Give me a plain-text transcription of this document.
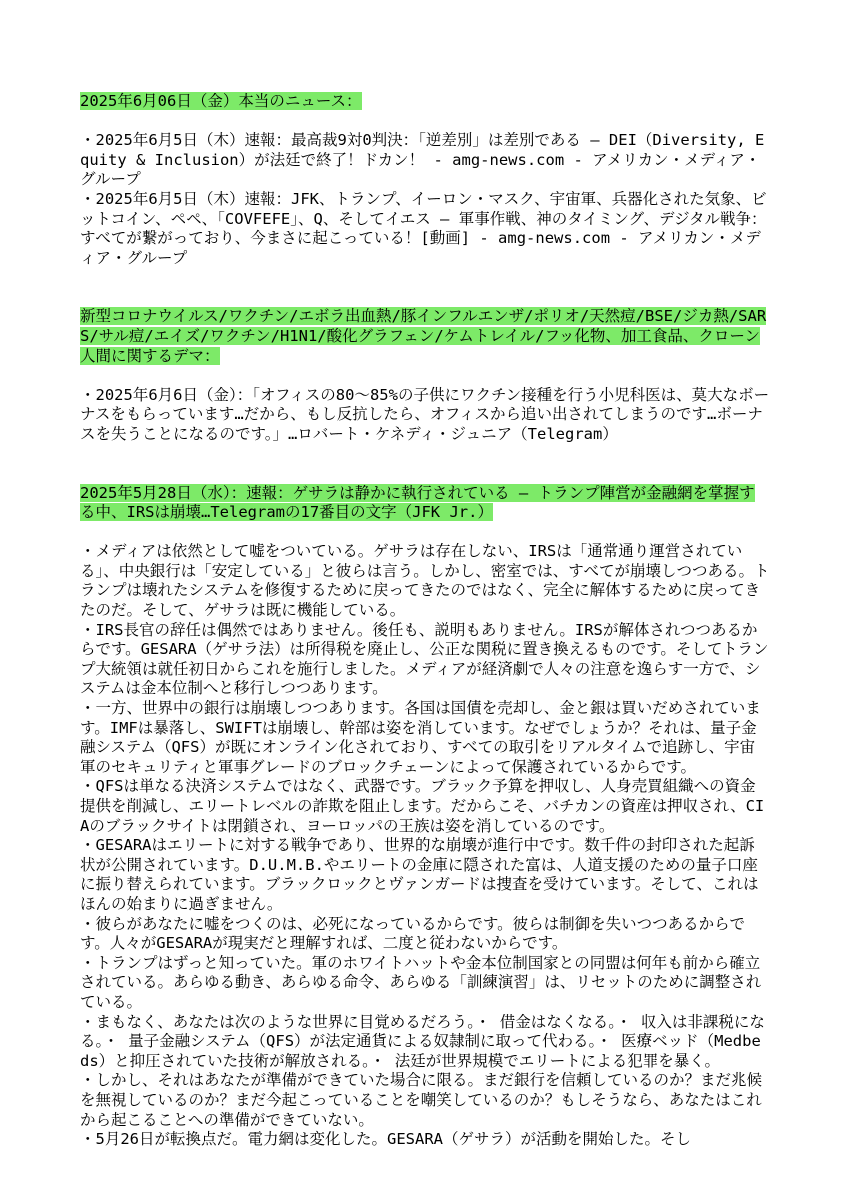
2025年6月06日（金）本当のニュース：

・2025年6月5日（木）速報：最高裁9対0判決：「逆差別」は差別である ― DEI（Diversity, Equity & Inclusion）が法廷で終了！ドカン！ - amg-news.com - アメリカン・メディア・グループ

・2025年6月5日（木）速報：JFK、トランプ、イーロン・マスク、宇宙軍、兵器化された気象、ビットコイン、ペペ、「COVFEFE」、Q、そしてイエス ― 軍事作戦、神のタイミング、デジタル戦争：すべてが繋がっており、今まさに起こっている！[動画] - amg-news.com - アメリカン・メディア・グループ

新型コロナウイルス/ワクチン/エボラ出血熱/豚インフルエンザ/ポリオ/天然痘/BSE/ジカ熱/SARS/サル痘/エイズ/ワクチン/H1N1/酸化グラフェン/ケムトレイル/フッ化物、加工食品、クローン人間に関するデマ：

・2025年6月6日（金）：「オフィスの80～85%の子供にワクチン接種を行う小児科医は、莫大なボーナスをもらっています…だから、もし反抗したら、オフィスから追い出されてしまうのです…ボーナスを失うことになるのです。」…ロバート・ケネディ・ジュニア（Telegram）

2025年5月28日（水）：速報：ゲサラは静かに執行されている ― トランプ陣営が金融網を掌握する中、IRSは崩壊…Telegramの17番目の文字（JFK Jr.）

・メディアは依然として嘘をついている。ゲサラは存在しない、IRSは「通常通り運営されている」、中央銀行は「安定している」と彼らは言う。しかし、密室では、すべてが崩壊しつつある。トランプは壊れたシステムを修復するために戻ってきたのではなく、完全に解体するために戻ってきたのだ。そして、ゲサラは既に機能している。

・IRS長官の辞任は偶然ではありません。後任も、説明もありません。IRSが解体されつつあるからです。GESARA（ゲサラ法）は所得税を廃止し、公正な関税に置き換えるものです。そしてトランプ大統領は就任初日からこれを施行しました。メディアが経済劇で人々の注意を逸らす一方で、システムは金本位制へと移行しつつあります。

・一方、世界中の銀行は崩壊しつつあります。各国は国債を売却し、金と銀は買いだめされています。IMFは暴落し、SWIFTは崩壊し、幹部は姿を消しています。なぜでしょうか？それは、量子金融システム（QFS）が既にオンライン化されており、すべての取引をリアルタイムで追跡し、宇宙軍のセキュリティと軍事グレードのブロックチェーンによって保護されているからです。

・QFSは単なる決済システムではなく、武器です。ブラック予算を押収し、人身売買組織への資金提供を削減し、エリートレベルの詐欺を阻止します。だからこそ、バチカンの資産は押収され、CIAのブラックサイトは閉鎖され、ヨーロッパの王族は姿を消しているのです。

・GESARAはエリートに対する戦争であり、世界的な崩壊が進行中です。数千件の封印された起訴状が公開されています。D.U.M.B.やエリートの金庫に隠された富は、人道支援のための量子口座に振り替えられています。ブラックロックとヴァンガードは捜査を受けています。そして、これはほんの始まりに過ぎません。

・彼らがあなたに嘘をつくのは、必死になっているからです。彼らは制御を失いつつあるからです。人々がGESARAが現実だと理解すれば、二度と従わないからです。

・トランプはずっと知っていた。軍のホワイトハットや金本位制国家との同盟は何年も前から確立されている。あらゆる動き、あらゆる命令、あらゆる「訓練演習」は、リセットのために調整されている。

・まもなく、あなたは次のような世界に目覚めるだろう。・ 借金はなくなる。・ 収入は非課税になる。・ 量子金融システム（QFS）が法定通貨による奴隷制に取って代わる。・ 医療ベッド（Medbeds）と抑圧されていた技術が解放される。・ 法廷が世界規模でエリートによる犯罪を暴く。

・しかし、それはあなたが準備ができていた場合に限る。まだ銀行を信頼しているのか？まだ兆候を無視しているのか？まだ今起こっていることを嘲笑しているのか？もしそうなら、あなたはこれから起こることへの準備ができていない。

・5月26日が転換点だ。電力網は変化した。GESARA（ゲサラ）が活動を開始した。そし
